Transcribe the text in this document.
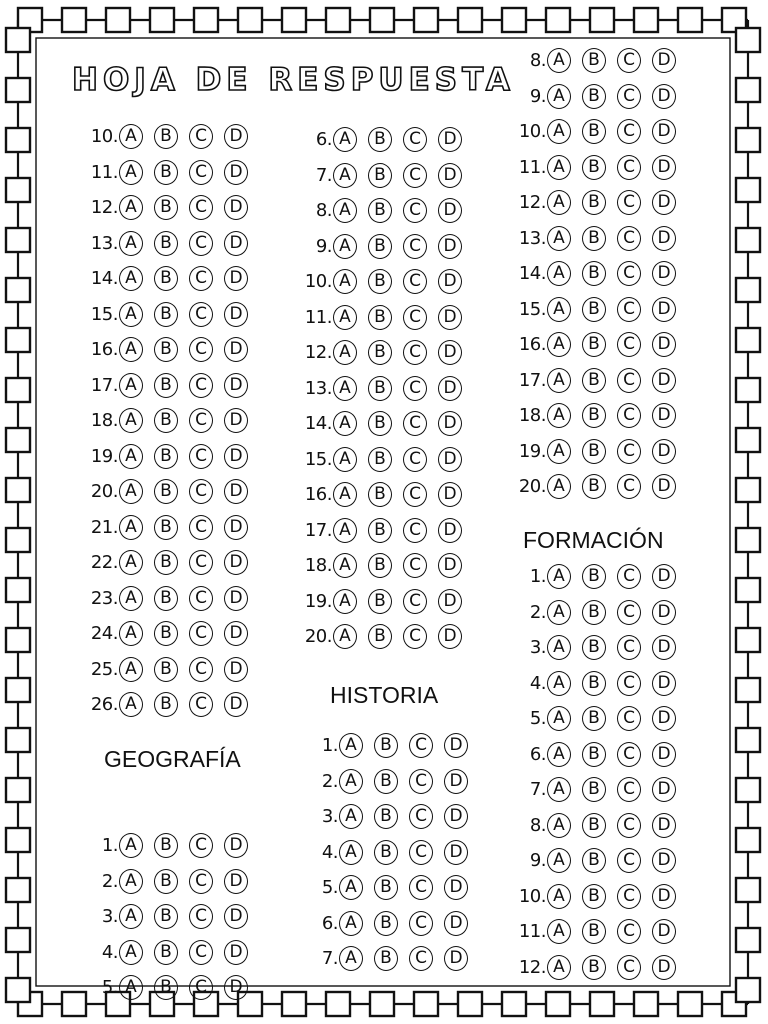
HOJA DE RESPUESTA
GEOGRAFÍA
HISTORIA
FORMACIÓN
10. A	B	C	D
11. A	B	C	D
12. A	B	C	D
13. A	B	C	D
14. A	B	C	D
15. A	B	C	D
16. A	B	C	D
17. A	B	C	D
18. A	B	C	D
19. A	B	C	D
20. A	B	C	D
21. A	B	C	D
22. A	B	C	D
23. A	B	C	D
24. A	B	C	D
25. A	B	C	D
26. A	B	C	D
1. A	B	C	D
2. A	B	C	D
3. A	B	C	D
4. A	B	C	D
5. A	B	C	D
6. A	B	C	D
7. A	B	C	D
8. A	B	C	D
9. A	B	C	D
10. A	B	C	D
11. A	B	C	D
12. A	B	C	D
13. A	B	C	D
14. A	B	C	D
15. A	B	C	D
16. A	B	C	D
17. A	B	C	D
18. A	B	C	D
19. A	B	C	D
20. A	B	C	D
1. A	B	C	D
2. A	B	C	D
3. A	B	C	D
4. A	B	C	D
5. A	B	C	D
6. A	B	C	D
7. A	B	C	D
8. A	B	C	D
9. A	B	C	D
10. A	B	C	D
11. A	B	C	D
12. A	B	C	D
13. A	B	C	D
14. A	B	C	D
15. A	B	C	D
16. A	B	C	D
17. A	B	C	D
18. A	B	C	D
19. A	B	C	D
20. A	B	C	D
1. A	B	C	D
2. A	B	C	D
3. A	B	C	D
4. A	B	C	D
5. A	B	C	D
6. A	B	C	D
7. A	B	C	D
8. A	B	C	D
9. A	B	C	D
10. A	B	C	D
11. A	B	C	D
12. A	B	C	D
